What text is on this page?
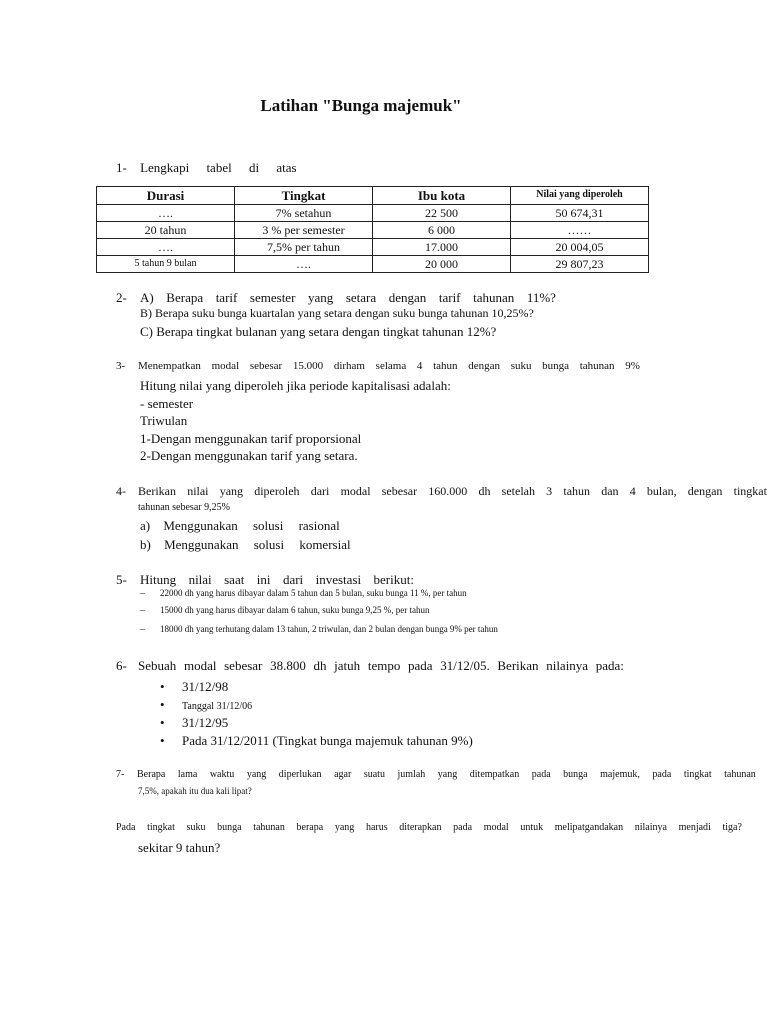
Latihan "Bunga majemuk"
1- Lengkapi tabel di atas
Durasi	Tingkat	Ibu kota	Nilai yang diperoleh
….	7% setahun	22 500	50 674,31
20 tahun	3 % per semester	6 000	……
….	7,5% per tahun	17.000	20 004,05
5 tahun 9 bulan	….	20 000	29 807,23
2- A) Berapa tarif semester yang setara dengan tarif tahunan 11%?
B) Berapa suku bunga kuartalan yang setara dengan suku bunga tahunan 10,25%?
C) Berapa tingkat bulanan yang setara dengan tingkat tahunan 12%?
3- Menempatkan modal sebesar 15.000 dirham selama 4 tahun dengan suku bunga tahunan 9%
Hitung nilai yang diperoleh jika periode kapitalisasi adalah:
- semester
Triwulan
1-Dengan menggunakan tarif proporsional
2-Dengan menggunakan tarif yang setara.
4- Berikan nilai yang diperoleh dari modal sebesar 160.000 dh setelah 3 tahun dan 4 bulan, dengan tingkat
tahunan sebesar 9,25%
a) Menggunakan solusi rasional
b) Menggunakan solusi komersial
5- Hitung nilai saat ini dari investasi berikut:
– 22000 dh yang harus dibayar dalam 5 tahun dan 5 bulan, suku bunga 11 %, per tahun
– 15000 dh yang harus dibayar dalam 6 tahun, suku bunga 9,25 %, per tahun
– 18000 dh yang terhutang dalam 13 tahun, 2 triwulan, dan 2 bulan dengan bunga 9% per tahun
6- Sebuah modal sebesar 38.800 dh jatuh tempo pada 31/12/05. Berikan nilainya pada:
• 31/12/98
• Tanggal 31/12/06
• 31/12/95
• Pada 31/12/2011 (Tingkat bunga majemuk tahunan 9%)
7- Berapa lama waktu yang diperlukan agar suatu jumlah yang ditempatkan pada bunga majemuk, pada tingkat tahunan
7,5%, apakah itu dua kali lipat?
Pada tingkat suku bunga tahunan berapa yang harus diterapkan pada modal untuk melipatgandakan nilainya menjadi tiga?
sekitar 9 tahun?
